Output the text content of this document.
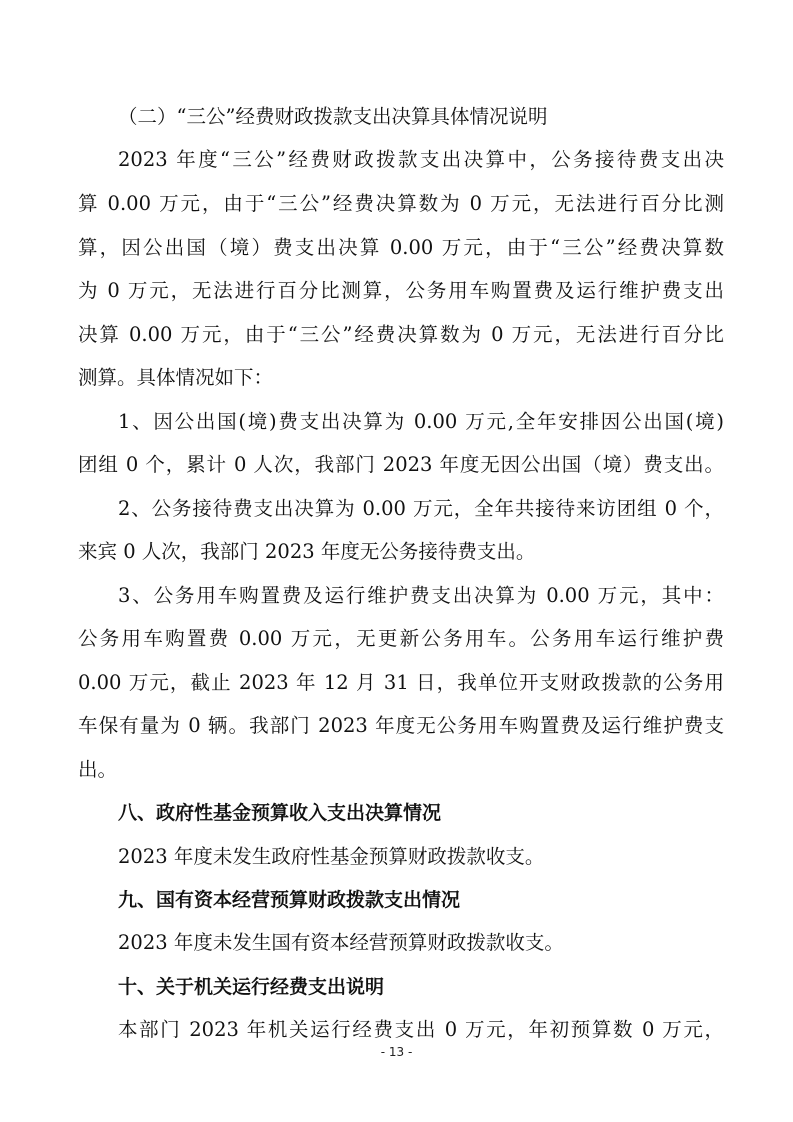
（二）“三公”经费财政拨款支出决算具体情况说明
2023 年度“三公”经费财政拨款支出决算中，公务接待费支出决
算 0.00 万元，由于“三公”经费决算数为 0 万元，无法进行百分比测
算，因公出国（境）费支出决算 0.00 万元，由于“三公”经费决算数
为 0 万元，无法进行百分比测算，公务用车购置费及运行维护费支出
决算 0.00 万元，由于“三公”经费决算数为 0 万元，无法进行百分比
测算。具体情况如下：
1、因公出国(境)费支出决算为 0.00 万元,全年安排因公出国(境)
团组 0 个，累计 0 人次，我部门 2023 年度无因公出国（境）费支出。
2、公务接待费支出决算为 0.00 万元，全年共接待来访团组 0 个，
来宾 0 人次，我部门 2023 年度无公务接待费支出。
3、公务用车购置费及运行维护费支出决算为 0.00 万元，其中：
公务用车购置费 0.00 万元，无更新公务用车。公务用车运行维护费
0.00 万元，截止 2023 年 12 月 31 日，我单位开支财政拨款的公务用
车保有量为 0 辆。我部门 2023 年度无公务用车购置费及运行维护费支
出。
八、政府性基金预算收入支出决算情况
2023 年度未发生政府性基金预算财政拨款收支。
九、国有资本经营预算财政拨款支出情况
2023 年度未发生国有资本经营预算财政拨款收支。
十、关于机关运行经费支出说明
本部门 2023 年机关运行经费支出 0 万元，年初预算数 0 万元，
- 13 -
